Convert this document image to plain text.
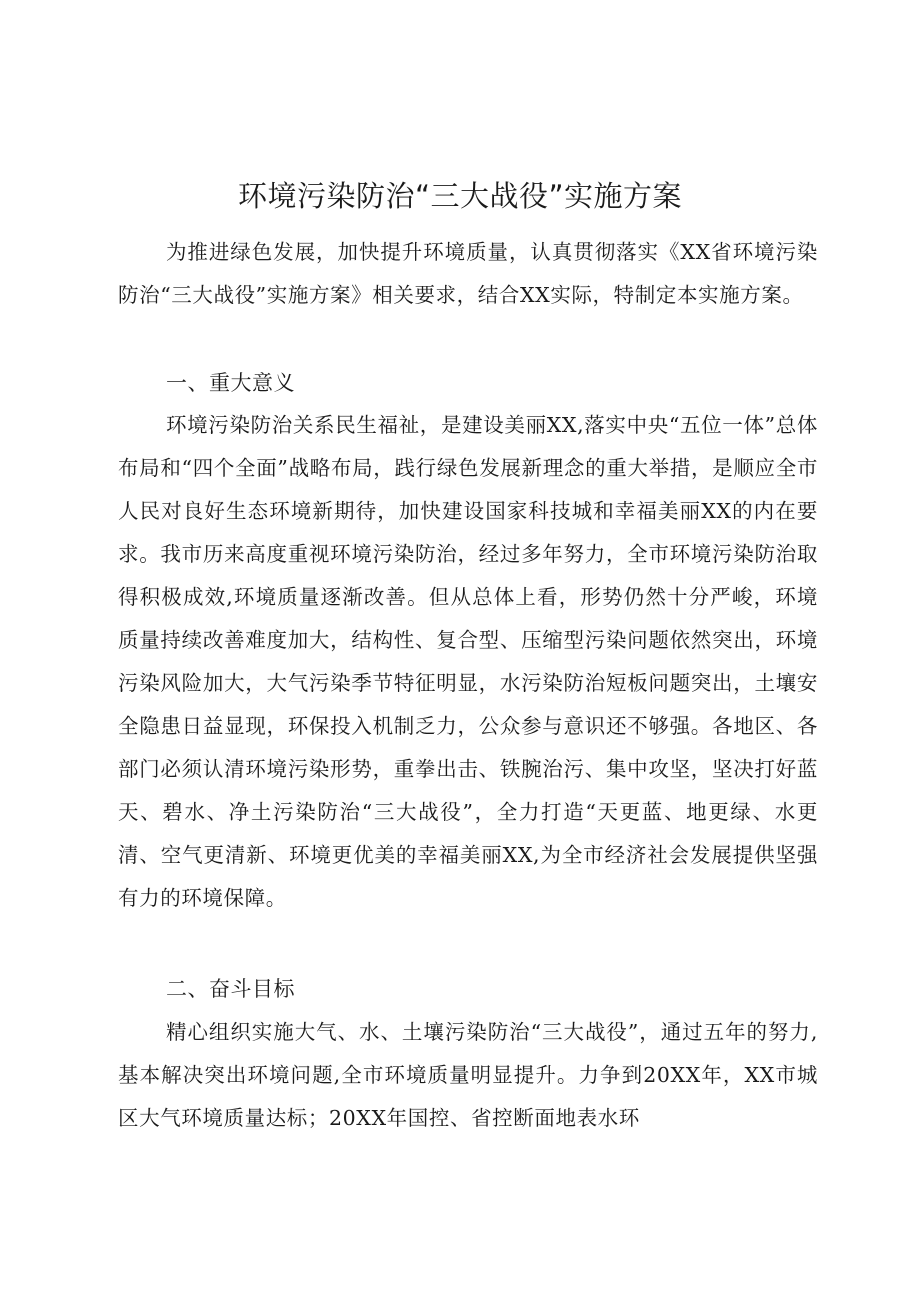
环境污染防治“三大战役”实施方案

为推进绿色发展，加快提升环境质量，认真贯彻落实《XX省环境污染防治“三大战役”实施方案》相关要求，结合XX实际，特制定本实施方案。

一、重大意义

环境污染防治关系民生福祉，是建设美丽XX,落实中央“五位一体”总体布局和“四个全面”战略布局，践行绿色发展新理念的重大举措，是顺应全市人民对良好生态环境新期待，加快建设国家科技城和幸福美丽XX的内在要求。我市历来高度重视环境污染防治，经过多年努力，全市环境污染防治取得积极成效,环境质量逐渐改善。但从总体上看，形势仍然十分严峻，环境质量持续改善难度加大，结构性、复合型、压缩型污染问题依然突出，环境污染风险加大，大气污染季节特征明显，水污染防治短板问题突出，土壤安全隐患日益显现，环保投入机制乏力，公众参与意识还不够强。各地区、各部门必须认清环境污染形势，重拳出击、铁腕治污、集中攻坚，坚决打好蓝天、碧水、净土污染防治“三大战役”，全力打造“天更蓝、地更绿、水更清、空气更清新、环境更优美的幸福美丽XX,为全市经济社会发展提供坚强有力的环境保障。

二、奋斗目标

精心组织实施大气、水、土壤污染防治“三大战役”，通过五年的努力,基本解决突出环境问题,全市环境质量明显提升。力争到20XX年，XX市城区大气环境质量达标；20XX年国控、省控断面地表水环
